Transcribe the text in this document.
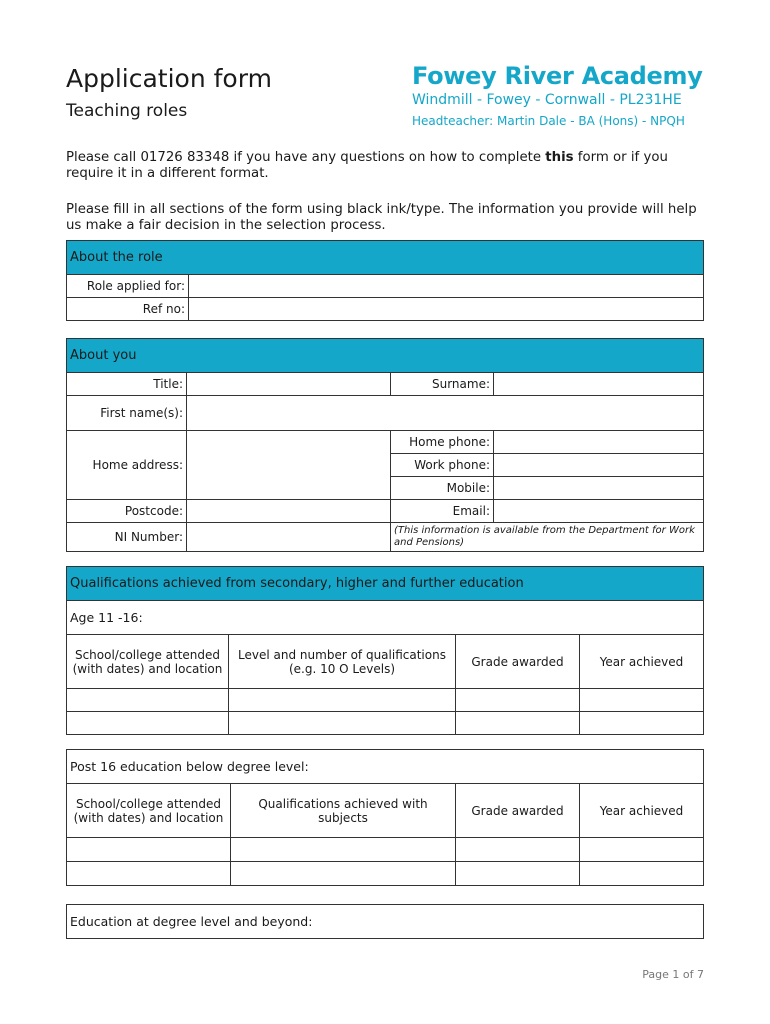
Application form
Teaching roles
Fowey River Academy
Windmill - Fowey - Cornwall - PL231HE
Headteacher: Martin Dale - BA (Hons) - NPQH
Please call 01726 83348 if you have any questions on how to complete this form or if you require it in a different format.
Please fill in all sections of the form using black ink/type. The information you provide will help us make a fair decision in the selection process.
About the role	
Role applied for:	
Ref no:	
About you			
Title:		Surname:	
First name(s):			
Home address:		Home phone:	
		Work phone:	
		Mobile:	
Postcode:		Email:	
NI Number:		(This information is available from the Department for Work and Pensions)	
Qualifications achieved from secondary, higher and further education			
Age 11 -16:			
School/college attended (with dates) and location	Level and number of qualifications (e.g. 10 O Levels)	Grade awarded	Year achieved

Post 16 education below degree level:			
School/college attended (with dates) and location	Qualifications achieved with subjects	Grade awarded	Year achieved

Education at degree level and beyond:
Page 1 of 7
